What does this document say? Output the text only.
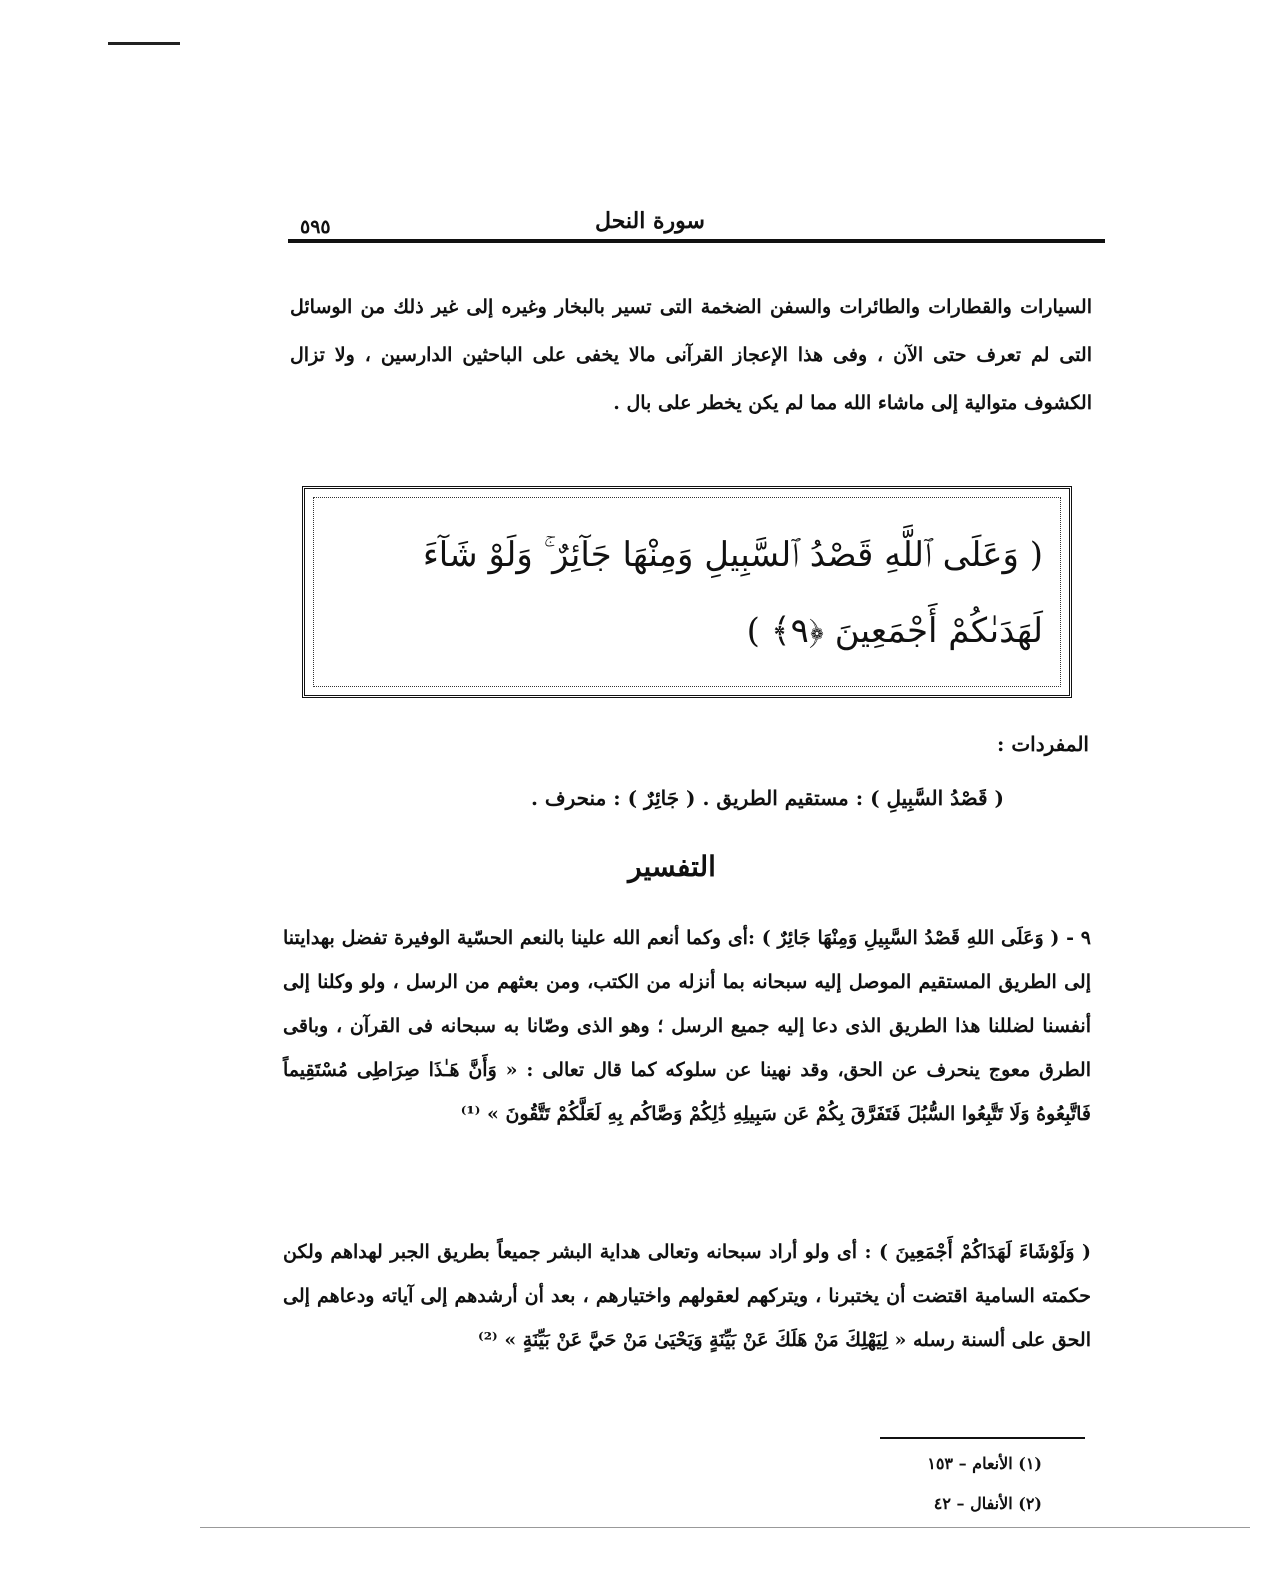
سورة النحل
٥٩٥
السيارات والقطارات والطائرات والسفن الضخمة التى تسير بالبخار وغيره إلى غير ذلك من الوسائل التى لم تعرف حتى الآن ، وفى هذا الإعجاز القرآنى مالا يخفى على الباحثين الدارسين ، ولا تزال الكشوف متوالية إلى ماشاء الله مما لم يكن يخطر على بال .
( وَعَلَى ٱللَّهِ قَصْدُ ٱلسَّبِيلِ وَمِنْهَا جَآئِرٌ ۚ وَلَوْ شَآءَ لَهَدَىٰكُمْ أَجْمَعِينَ ﴿٩﴾ )
المفردات :
( قَصْدُ السَّبِيلِ ) : مستقيم الطريق . ( جَائِرٌ ) : منحرف .
التفسير
٩ - ( وَعَلَى اللهِ قَصْدُ السَّبِيلِ وَمِنْهَا جَائِرٌ ) :أى وكما أنعم الله علينا بالنعم الحسّية الوفيرة تفضل بهدايتنا إلى الطريق المستقيم الموصل إليه سبحانه بما أنزله من الكتب، ومن بعثهم من الرسل ، ولو وكلنا إلى أنفسنا لضللنا هذا الطريق الذى دعا إليه جميع الرسل ؛ وهو الذى وصّانا به سبحانه فى القرآن ، وباقى الطرق معوج ينحرف عن الحق، وقد نهينا عن سلوكه كما قال تعالى : « وَأَنَّ هَـٰذَا صِرَاطِى مُسْتَقِيماً فَاتَّبِعُوهُ وَلَا تَتَّبِعُوا السُّبُلَ فَتَفَرَّقَ بِكُمْ عَن سَبِيلِهِ ذَٰلِكُمْ وَصَّاكُم بِهِ لَعَلَّكُمْ تَتَّقُونَ » ⁽¹⁾
( وَلَوْشَاءَ لَهَدَاكُمْ أَجْمَعِينَ ) : أى ولو أراد سبحانه وتعالى هداية البشر جميعاً بطريق الجبر لهداهم ولكن حكمته السامية اقتضت أن يختبرنا ، ويتركهم لعقولهم واختيارهم ، بعد أن أرشدهم إلى آياته ودعاهم إلى الحق على ألسنة رسله « لِيَهْلِكَ مَنْ هَلَكَ عَنْ بَيِّنَةٍ وَيَحْيَىٰ مَنْ حَيَّ عَنْ بَيِّنَةٍ » ⁽²⁾
(١) الأنعام – ١٥٣
(٢) الأنفال – ٤٢
